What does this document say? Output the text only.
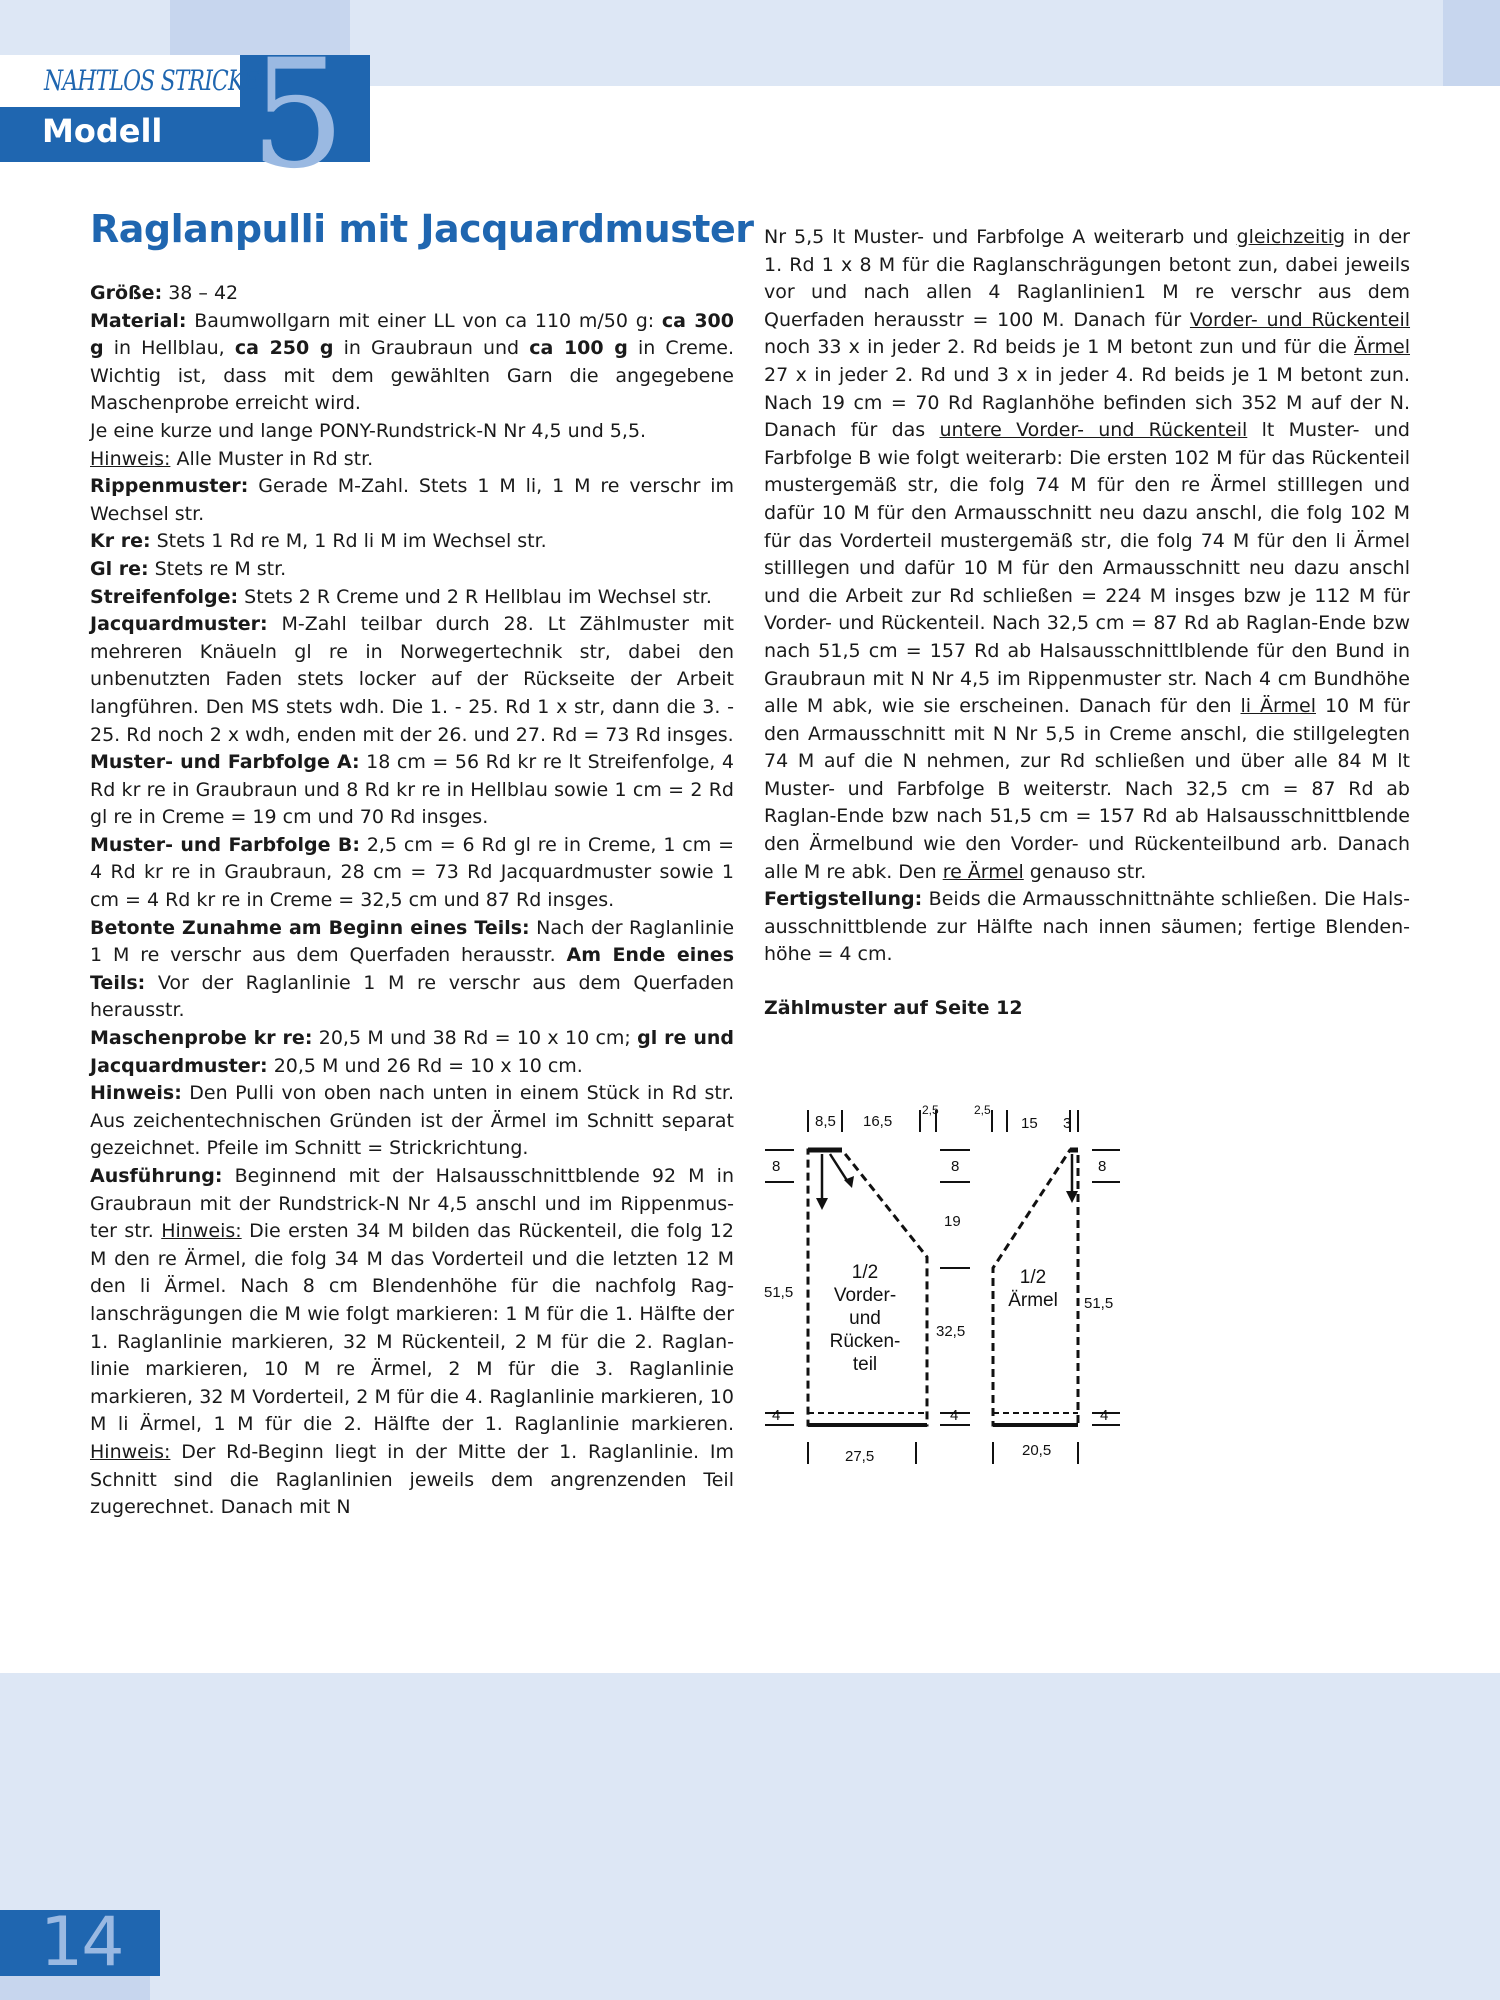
NAHTLOS STRICKEN
Modell 5
Raglanpulli mit Jacquardmuster

Größe: 38 – 42

Material: Baumwollgarn mit einer LL von ca 110 m/50 g: ca 300 g in Hellblau, ca 250 g in Graubraun und ca 100 g in Creme. Wichtig ist, dass mit dem gewählten Garn die angegebene Maschenprobe erreicht wird.

Je eine kurze und lange PONY-Rundstrick-N Nr 4,5 und 5,5.

Hinweis: Alle Muster in Rd str.

Rippenmuster: Gerade M-Zahl. Stets 1 M li, 1 M re verschr im Wechsel str.

Kr re: Stets 1 Rd re M, 1 Rd li M im Wechsel str.

Gl re: Stets re M str.

Streifenfolge: Stets 2 R Creme und 2 R Hellblau im Wechsel str.

Jacquardmuster: M-Zahl teilbar durch 28. Lt Zählmuster mit mehreren Knäueln gl re in Norwegertechnik str, dabei den unbenutzten Faden stets locker auf der Rückseite der Arbeit langführen. Den MS stets wdh. Die 1. - 25. Rd 1 x str, dann die 3. - 25. Rd noch 2 x wdh, enden mit der 26. und 27. Rd = 73 Rd insges.

Muster- und Farbfolge A: 18 cm = 56 Rd kr re lt Streifenfolge, 4 Rd kr re in Graubraun und 8 Rd kr re in Hellblau sowie 1 cm = 2 Rd gl re in Creme = 19 cm und 70 Rd insges.

Muster- und Farbfolge B: 2,5 cm = 6 Rd gl re in Creme, 1 cm = 4 Rd kr re in Graubraun, 28 cm = 73 Rd Jacquardmuster sowie 1 cm = 4 Rd kr re in Creme = 32,5 cm und 87 Rd insges.

Betonte Zunahme am Beginn eines Teils: Nach der Raglanlinie 1 M re verschr aus dem Querfaden herausstr. Am Ende eines Teils: Vor der Raglanlinie 1 M re verschr aus dem Querfaden herausstr.

Maschenprobe kr re: 20,5 M und 38 Rd = 10 x 10 cm; gl re und Jacquardmuster: 20,5 M und 26 Rd = 10 x 10 cm.

Hinweis: Den Pulli von oben nach unten in einem Stück in Rd str. Aus zeichentechnischen Gründen ist der Ärmel im Schnitt separat gezeichnet. Pfeile im Schnitt = Strickrichtung.

Ausführung: Beginnend mit der Halsausschnittblende 92 M in Graubraun mit der Rundstrick-N Nr 4,5 anschl und im Rippenmuster str. Hinweis: Die ersten 34 M bilden das Rückenteil, die folg 12 M den re Ärmel, die folg 34 M das Vorderteil und die letzten 12 M den li Ärmel. Nach 8 cm Blendenhöhe für die nachfolg Raglanschrägungen die M wie folgt markieren: 1 M für die 1. Hälfte der 1. Raglanlinie markieren, 32 M Rückenteil, 2 M für die 2. Raglanlinie markieren, 10 M re Ärmel, 2 M für die 3. Raglanlinie markieren, 32 M Vorderteil, 2 M für die 4. Raglanlinie markieren, 10 M li Ärmel, 1 M für die 2. Hälfte der 1. Raglanlinie markieren. Hinweis: Der Rd-Beginn liegt in der Mitte der 1. Raglanlinie. Im Schnitt sind die Raglanlinien jeweils dem angrenzenden Teil zugerechnet. Danach mit N

Nr 5,5 lt Muster- und Farbfolge A weiterarb und gleichzeitig in der 1. Rd 1 x 8 M für die Raglanschrägungen betont zun, dabei jeweils vor und nach allen 4 Raglanlinien1 M re verschr aus dem Querfaden herausstr = 100 M. Danach für Vorder- und Rückenteil noch 33 x in jeder 2. Rd beids je 1 M betont zun und für die Ärmel 27 x in jeder 2. Rd und 3 x in jeder 4. Rd beids je 1 M betont zun. Nach 19 cm = 70 Rd Raglanhöhe befinden sich 352 M auf der N. Danach für das untere Vorder- und Rückenteil lt Muster- und Farbfolge B wie folgt weiterarb: Die ersten 102 M für das Rückenteil mustergemäß str, die folg 74 M für den re Ärmel stilllegen und dafür 10 M für den Armausschnitt neu dazu anschl, die folg 102 M für das Vorderteil mustergemäß str, die folg 74 M für den li Ärmel stilllegen und dafür 10 M für den Armausschnitt neu dazu anschl und die Arbeit zur Rd schließen = 224 M insges bzw je 112 M für Vorder- und Rückenteil. Nach 32,5 cm = 87 Rd ab Raglan-Ende bzw nach 51,5 cm = 157 Rd ab Halsausschnittlblende für den Bund in Graubraun mit N Nr 4,5 im Rippenmuster str. Nach 4 cm Bundhöhe alle M abk, wie sie erscheinen. Danach für den li Ärmel 10 M für den Armausschnitt mit N Nr 5,5 in Creme anschl, die stillgelegten 74 M auf die N nehmen, zur Rd schließen und über alle 84 M lt Muster- und Farbfolge B weiterstr. Nach 32,5 cm = 87 Rd ab Raglan-Ende bzw nach 51,5 cm = 157 Rd ab Halsausschnittblende den Ärmelbund wie den Vorder- und Rückenteilbund arb. Danach alle M re abk. Den re Ärmel genauso str.

Fertigstellung: Beids die Armausschnittnähte schließen. Die Halsausschnittblende zur Hälfte nach innen säumen; fertige Blendenhöhe = 4 cm.

Zählmuster auf Seite 12

8,5 16,5
2,5	2,5
15 3
8	8	8
19
51,5
51,5
32,5
4	4	4
27,5	20,5
1/2
Vorder-
und
Rücken-
teil
1/2
Ärmel
14
